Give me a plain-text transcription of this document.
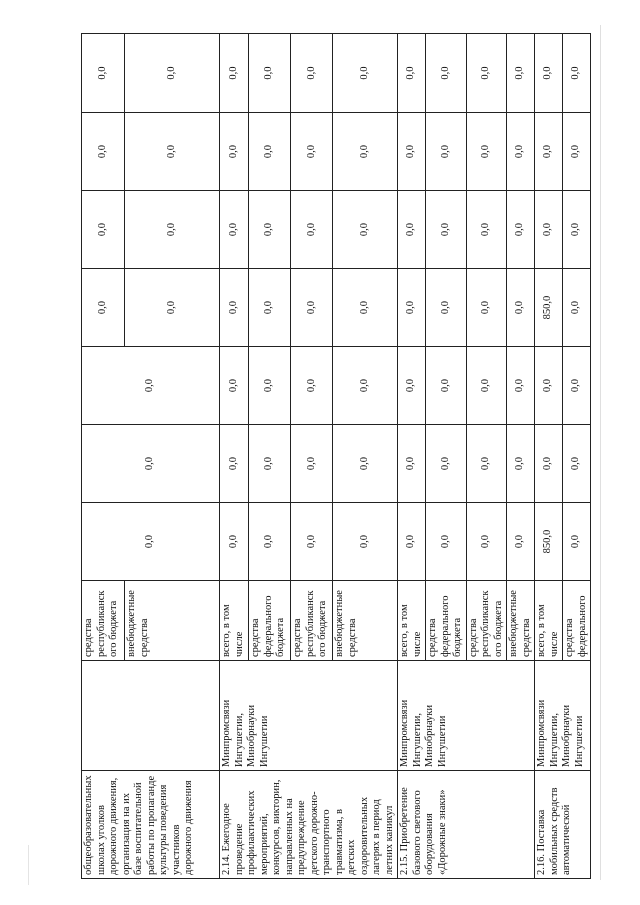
общеобразовательных школах уголков дорожного движения, организация на их базе воспитательной работы по пропаганде культуры поведения участников дорожного движения		средства республиканск ого бюджета	0,0	0,0	0,0	0,0	0,0	0,0	0,0
		внебюджетные средства				0,0	0,0	0,0	0,0
2.14. Ежегодное проведение профилактических мероприятий, конкурсов, викторин, направленных на предупреждение детского дорожно-транспортного травматизма, в детских оздоровительных лагерях в период летних каникул	Минпромсвязи Ингушетии, Минобрнауки Ингушетии	всего, в том числе	0,0	0,0	0,0	0,0	0,0	0,0	0,0
		средства федерального бюджета	0,0	0,0	0,0	0,0	0,0	0,0	0,0
		средства республиканск ого бюджета	0,0	0,0	0,0	0,0	0,0	0,0	0,0
		внебюджетные средства	0,0	0,0	0,0	0,0	0,0	0,0	0,0
2.15. Приобретение базового светового оборудования «Дорожные знаки»	Минпромсвязи Ингушетии, Минобрнауки Ингушетии	всего, в том числе	0,0	0,0	0,0	0,0	0,0	0,0	0,0
		средства федерального бюджета	0,0	0,0	0,0	0,0	0,0	0,0	0,0
		средства республиканск ого бюджета	0,0	0,0	0,0	0,0	0,0	0,0	0,0
		внебюджетные средства	0,0	0,0	0,0	0,0	0,0	0,0	0,0
2.16. Поставка мобильных средств автоматической	Минпромсвязи Ингушетии, Минобрнауки Ингушетии	всего, в том числе	850,0	0,0	0,0	850,0	0,0	0,0	0,0
		средства федерального	0,0	0,0	0,0	0,0	0,0	0,0	0,0
